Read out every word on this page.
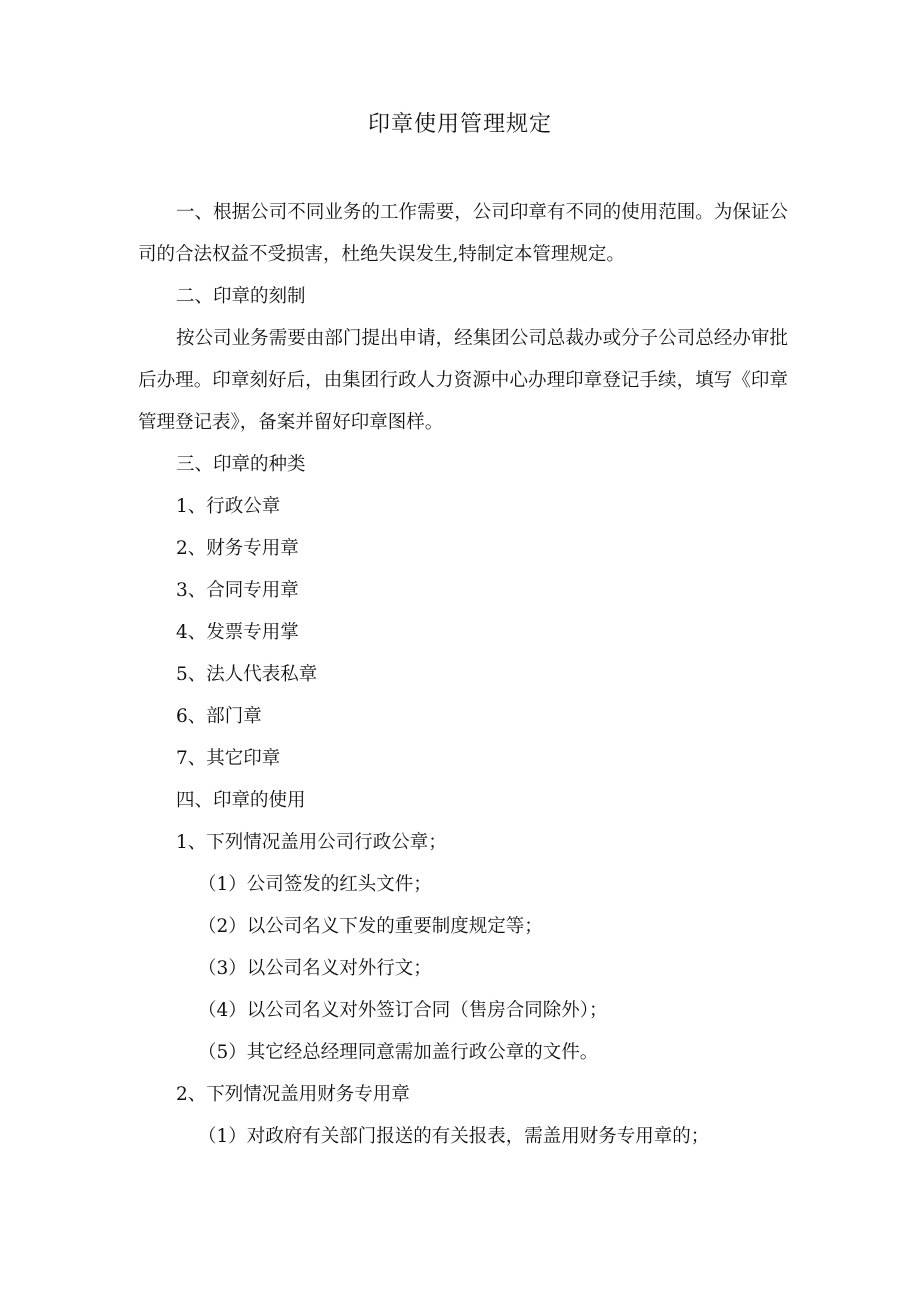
印章使用管理规定

一、根据公司不同业务的工作需要，公司印章有不同的使用范围。为保证公司的合法权益不受损害，杜绝失误发生,特制定本管理规定。

二、印章的刻制

按公司业务需要由部门提出申请，经集团公司总裁办或分子公司总经办审批后办理。印章刻好后，由集团行政人力资源中心办理印章登记手续，填写《印章管理登记表》，备案并留好印章图样。

三、印章的种类

1、行政公章

2、财务专用章

3、合同专用章

4、发票专用掌

5、法人代表私章

6、部门章

7、其它印章

四、印章的使用

1、下列情况盖用公司行政公章；

（1）公司签发的红头文件；

（2）以公司名义下发的重要制度规定等；

（3）以公司名义对外行文；

（4）以公司名义对外签订合同（售房合同除外）；

（5）其它经总经理同意需加盖行政公章的文件。

2、下列情况盖用财务专用章

（1）对政府有关部门报送的有关报表，需盖用财务专用章的；
